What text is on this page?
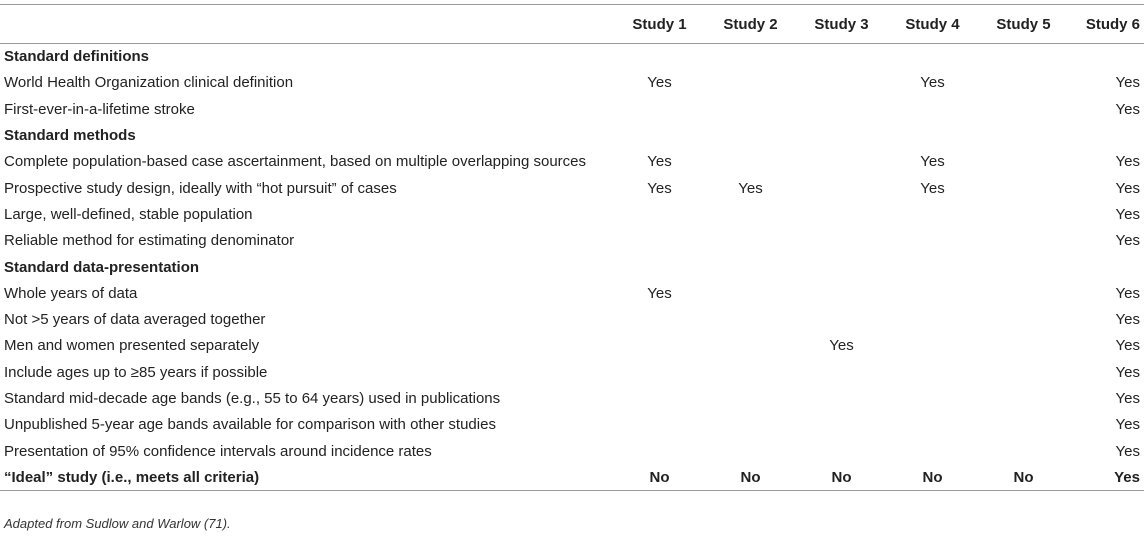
	Study 1	Study 2	Study 3	Study 4	Study 5	Study 6
Standard definitions						
World Health Organization clinical definition	Yes			Yes		Yes
First-ever-in-a-lifetime stroke						Yes
Standard methods						
Complete population-based case ascertainment, based on multiple overlapping sources	Yes			Yes		Yes
Prospective study design, ideally with “hot pursuit” of cases	Yes	Yes		Yes		Yes
Large, well-defined, stable population						Yes
Reliable method for estimating denominator						Yes
Standard data-presentation						
Whole years of data	Yes					Yes
Not >5 years of data averaged together						Yes
Men and women presented separately			Yes			Yes
Include ages up to ≥85 years if possible						Yes
Standard mid-decade age bands (e.g., 55 to 64 years) used in publications						Yes
Unpublished 5-year age bands available for comparison with other studies						Yes
Presentation of 95% confidence intervals around incidence rates						Yes
“Ideal” study (i.e., meets all criteria)	No	No	No	No	No	Yes
Adapted from Sudlow and Warlow (71).
